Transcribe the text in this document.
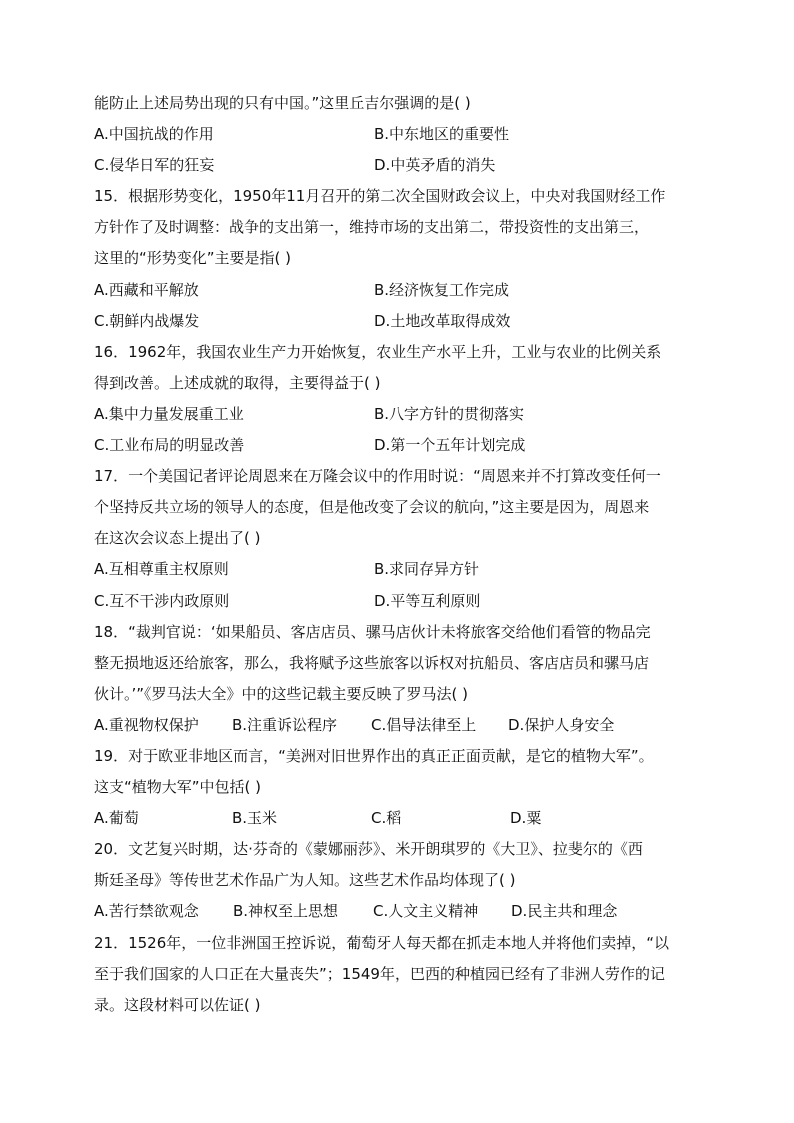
能防止上述局势出现的只有中国。”这里丘吉尔强调的是( )
A.中国抗战的作用	B.中东地区的重要性
C.侵华日军的狂妄	D.中英矛盾的消失
15．根据形势变化，1950年11月召开的第二次全国财政会议上，中央对我国财经工作
方针作了及时调整：战争的支出第一，维持市场的支出第二，带投资性的支出第三，
这里的“形势变化”主要是指( )
A.西藏和平解放	B.经济恢复工作完成
C.朝鲜内战爆发	D.土地改革取得成效
16．1962年，我国农业生产力开始恢复，农业生产水平上升，工业与农业的比例关系
得到改善。上述成就的取得，主要得益于( )
A.集中力量发展重工业	B.八字方针的贯彻落实
C.工业布局的明显改善	D.第一个五年计划完成
17．一个美国记者评论周恩来在万隆会议中的作用时说：“周恩来并不打算改变任何一
个坚持反共立场的领导人的态度，但是他改变了会议的航向，”这主要是因为，周恩来
在这次会议态上提出了( )
A.互相尊重主权原则	B.求同存异方针
C.互不干涉内政原则	D.平等互利原则
18．“裁判官说：‘如果船员、客店店员、骡马店伙计未将旅客交给他们看管的物品完
整无损地返还给旅客，那么，我将赋予这些旅客以诉权对抗船员、客店店员和骡马店
伙计。’”《罗马法大全》中的这些记载主要反映了罗马法( )
A.重视物权保护	B.注重诉讼程序	C.倡导法律至上	D.保护人身安全
19．对于欧亚非地区而言，“美洲对旧世界作出的真正正面贡献，是它的植物大军”。
这支“植物大军”中包括( )
A.葡萄	B.玉米	C.稻	D.粟
20．文艺复兴时期，达·芬奇的《蒙娜丽莎》、米开朗琪罗的《大卫》、拉斐尔的《西
斯廷圣母》等传世艺术作品广为人知。这些艺术作品均体现了( )
A.苦行禁欲观念	B.神权至上思想	C.人文主义精神	D.民主共和理念
21．1526年，一位非洲国王控诉说，葡萄牙人每天都在抓走本地人并将他们卖掉，“以
至于我们国家的人口正在大量丧失”；1549年，巴西的种植园已经有了非洲人劳作的记
录。这段材料可以佐证( )
